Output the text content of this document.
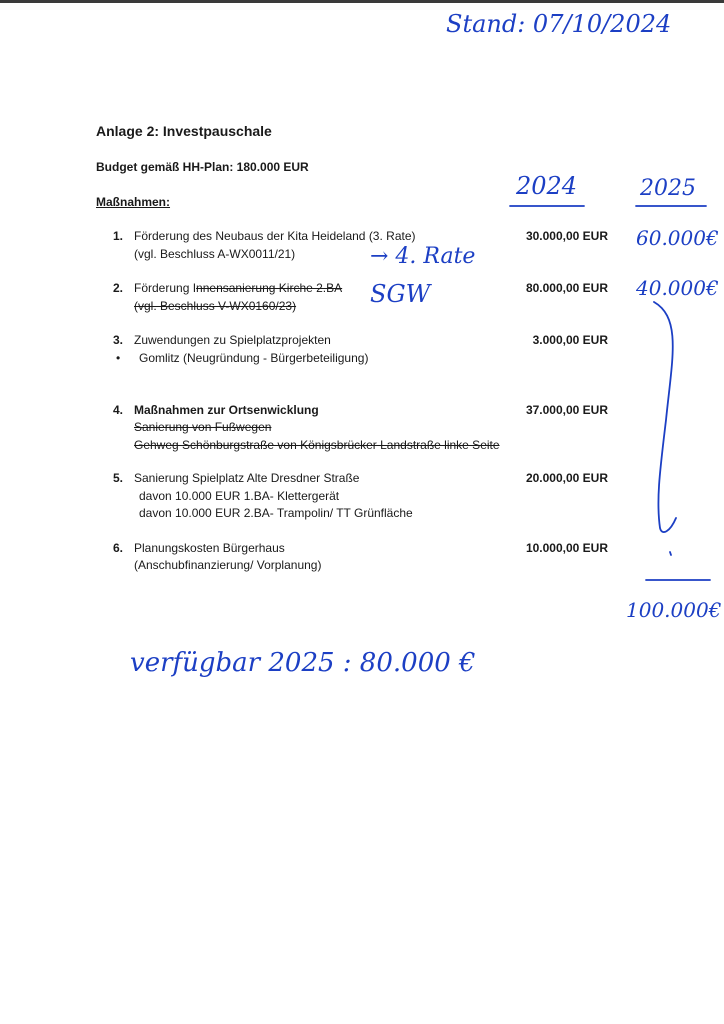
Stand: 07/10/2024
Anlage 2: Investpauschale
Budget gemäß HH-Plan: 180.000 EUR
Maßnahmen:
2024	2025
1. Förderung des Neubaus der Kita Heideland (3. Rate)
(vgl. Beschluss A-WX0011/21)
30.000,00 EUR
→ 4. Rate
60.000€
2. Förderung Innensanierung Kirche 2.BA
(vgl. Beschluss V-WX0160/23)
80.000,00 EUR
SGW	40.000€
3. Zuwendungen zu Spielplatzprojekten
• Gomlitz (Neugründung - Bürgerbeteiligung)
3.000,00 EUR
4. Maßnahmen zur Ortsenwicklung
Sanierung von Fußwegen
Gehweg Schönburgstraße von Königsbrücker Landstraße linke Seite
37.000,00 EUR
5. Sanierung Spielplatz Alte Dresdner Straße
davon 10.000 EUR 1.BA- Klettergerät
davon 10.000 EUR 2.BA- Trampolin/ TT Grünfläche
20.000,00 EUR
6. Planungskosten Bürgerhaus
(Anschubfinanzierung/ Vorplanung)
10.000,00 EUR
100.000€
verfügbar 2025 : 80.000 €
